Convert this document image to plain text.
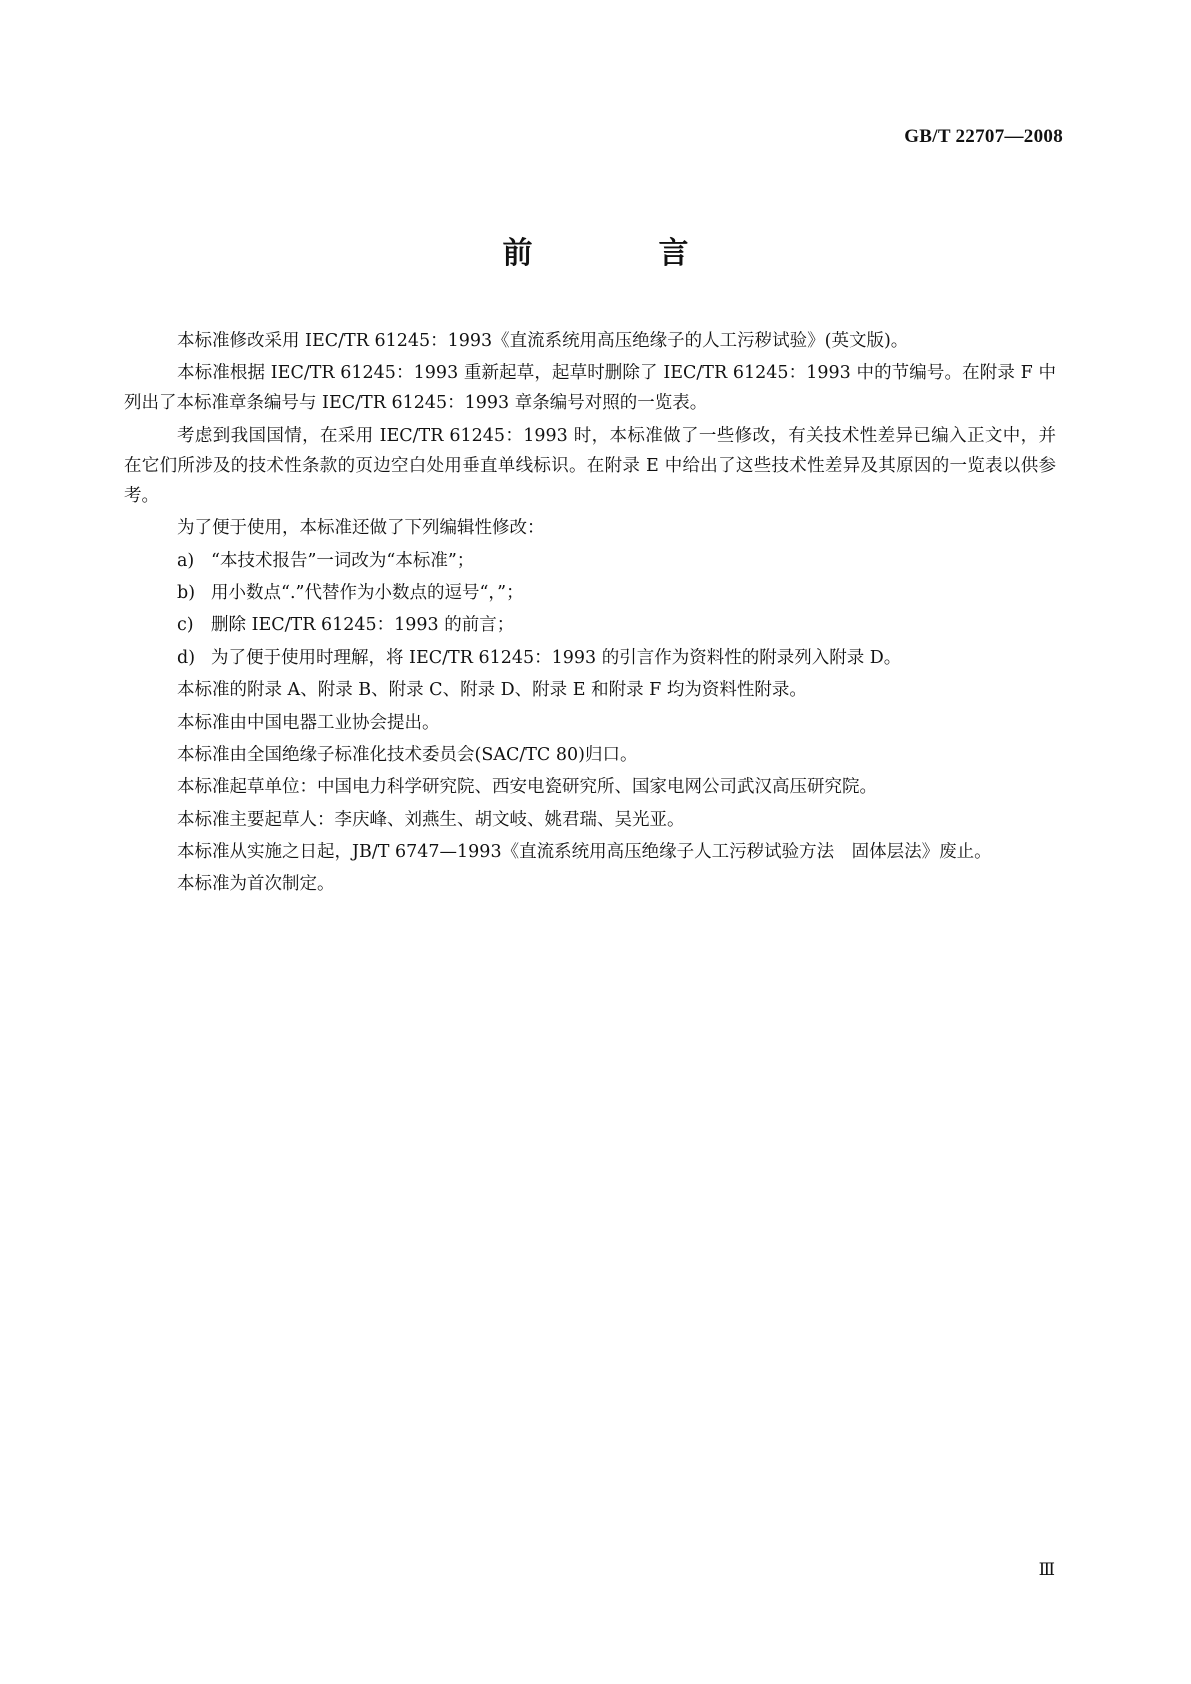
GB/T 22707—2008
前　言

本标准修改采用 IEC/TR 61245：1993《直流系统用高压绝缘子的人工污秽试验》(英文版)。

本标准根据 IEC/TR 61245：1993 重新起草，起草时删除了 IEC/TR 61245：1993 中的节编号。在附录 F 中列出了本标准章条编号与 IEC/TR 61245：1993 章条编号对照的一览表。

考虑到我国国情，在采用 IEC/TR 61245：1993 时，本标准做了一些修改，有关技术性差异已编入正文中，并在它们所涉及的技术性条款的页边空白处用垂直单线标识。在附录 E 中给出了这些技术性差异及其原因的一览表以供参考。

为了便于使用，本标准还做了下列编辑性修改：

a) “本技术报告”一词改为“本标准”；
b) 用小数点“.”代替作为小数点的逗号“，”；
c) 删除 IEC/TR 61245：1993 的前言；
d) 为了便于使用时理解，将 IEC/TR 61245：1993 的引言作为资料性的附录列入附录 D。

本标准的附录 A、附录 B、附录 C、附录 D、附录 E 和附录 F 均为资料性附录。

本标准由中国电器工业协会提出。

本标准由全国绝缘子标准化技术委员会(SAC/TC 80)归口。

本标准起草单位：中国电力科学研究院、西安电瓷研究所、国家电网公司武汉高压研究院。

本标准主要起草人：李庆峰、刘燕生、胡文岐、姚君瑞、吴光亚。

本标准从实施之日起，JB/T 6747—1993《直流系统用高压绝缘子人工污秽试验方法　固体层法》废止。

本标准为首次制定。

Ⅲ
